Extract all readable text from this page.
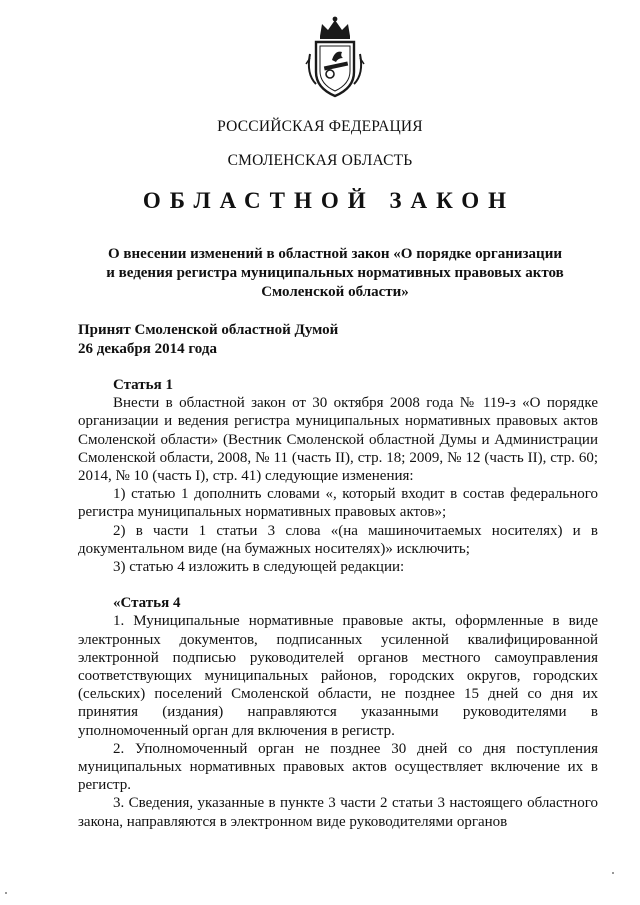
РОССИЙСКАЯ ФЕДЕРАЦИЯ
СМОЛЕНСКАЯ ОБЛАСТЬ
ОБЛАСТНОЙ ЗАКОН
О внесении изменений в областной закон «О порядке организации
и ведения регистра муниципальных нормативных правовых актов
Смоленской области»
Принят Смоленской областной Думой
26 декабря 2014 года

Статья 1

Внести в областной закон от 30 октября 2008 года № 119-з «О порядке организации и ведения регистра муниципальных нормативных правовых актов Смоленской области» (Вестник Смоленской областной Думы и Администрации Смоленской области, 2008, № 11 (часть II), стр. 18; 2009, № 12 (часть II), стр. 60; 2014, № 10 (часть I), стр. 41) следующие изменения:

1) статью 1 дополнить словами «, который входит в состав федерального регистра муниципальных нормативных правовых актов»;

2) в части 1 статьи 3 слова «(на машиночитаемых носителях) и в документальном виде (на бумажных носителях)» исключить;

3) статью 4 изложить в следующей редакции:

«Статья 4

1. Муниципальные нормативные правовые акты, оформленные в виде электронных документов, подписанных усиленной квалифицированной электронной подписью руководителей органов местного самоуправления соответствующих муниципальных районов, городских округов, городских (сельских) поселений Смоленской области, не позднее 15 дней со дня их принятия (издания) направляются указанными руководителями в уполномоченный орган для включения в регистр.

2. Уполномоченный орган не позднее 30 дней со дня поступления муниципальных нормативных правовых актов осуществляет включение их в регистр.

3. Сведения, указанные в пункте 3 части 2 статьи 3 настоящего областного закона, направляются в электронном виде руководителями органов
